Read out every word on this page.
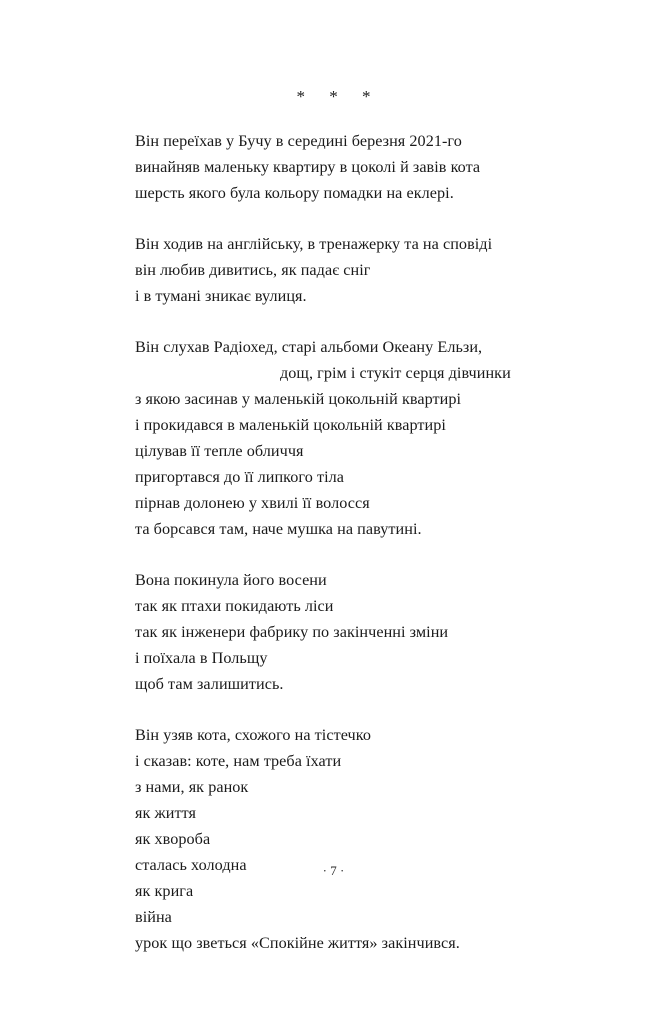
* * *
Він переїхав у Бучу в середині березня 2021-го
винайняв маленьку квартиру в цоколі й завів кота
шерсть якого була кольору помадки на еклері.
Він ходив на англійську, в тренажерку та на сповіді
він любив дивитись, як падає сніг
і в тумані зникає вулиця.
Він слухав Радіохед, старі альбоми Океану Ельзи,
дощ, грім і стукіт серця дівчинки
з якою засинав у маленькій цокольній квартирі
і прокидався в маленькій цокольній квартирі
цілував її тепле обличчя
пригортався до її липкого тіла
пірнав долонею у хвилі її волосся
та борсався там, наче мушка на павутині.
Вона покинула його восени
так як птахи покидають ліси
так як інженери фабрику по закінченні зміни
і поїхала в Польщу
щоб там залишитись.
Він узяв кота, схожого на тістечко
і сказав: коте, нам треба їхати
з нами, як ранок
як життя
як хвороба
сталась холодна
як крига
війна
урок що зветься «Спокійне життя» закінчився.
· 7 ·
